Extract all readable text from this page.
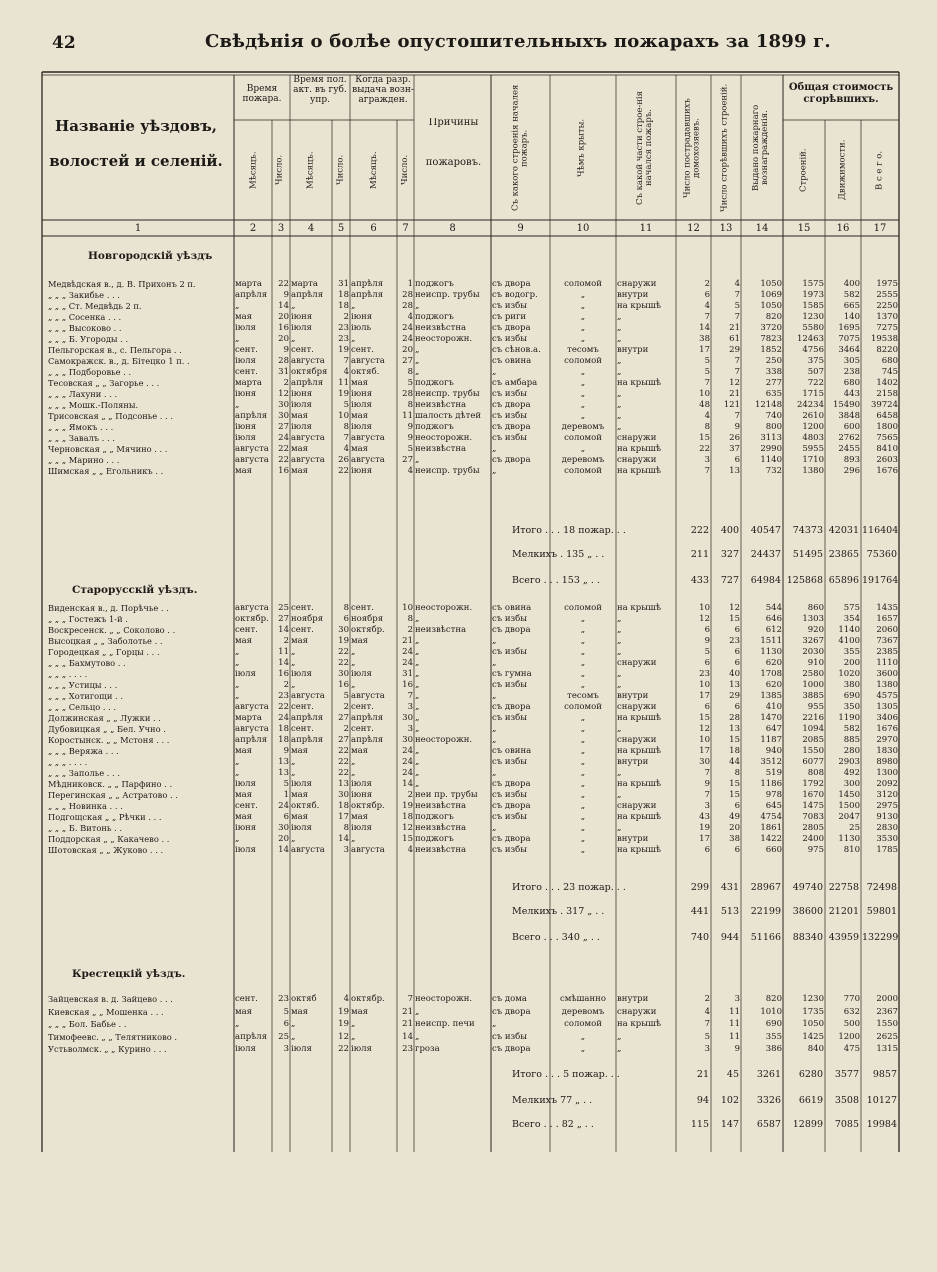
42	Свѣдѣнія о болѣе опустошительныхъ пожарахъ за 1899 г.
Названіе уѣздовъ,
волостей и селеній.
Время пожара.
Мѣсяцъ.	Число.
Время пол. акт. въ губ. упр.
Мѣсяцъ.	Число.
Когда разр. выдача возн-агражден.
Мѣсяцъ.	Число.
Причины
пожаровъ.	Съ какого строенія началея пожаръ.	Чѣмъ крыты.	Съ какой части строе-нія начался пожаръ.	Число пострадавшихъ домохозяевъ.	Число сгорѣвшихъ строеній.	Выдано пожарнаго вознагражденія.
Общая стоимость сгорѣвшихъ.
Строеній.	Движимости.	В с е г о.
1	2	3	4	5	6	7	8	9	10	11	12	13	14	15	16	17
Новгородскій уѣздъ
Медвѣдская в., д. В. Прихонъ 2 п.	марта	22 марта	31 апрѣля	1 поджогъ	съ двора	соломой	снаружи	2	4	1050	1575	400	1975
„ „ „ Закибье . . .	апрѣля	9 апрѣля	18 апрѣля	28 неиспр. трубы	съ водогр.	„	внутри	6	7	1069	1973	582	2555
„ „ „ Ст. Медвѣдь 2 п.	„	14 „	18 „	28 „	съ избы	„	на крышѣ	4	5	1050	1585	665	2250
„ „ „ Сосенка . . .	мая	20 іюня	2 іюня	4 поджогъ	съ риги	„	„	7	7	820	1230	140	1370
„ „ „ Высоково . .	іюля	16 іюля	23 іюль	24 неизвѣстна	съ двора	„	„	14	21	3720	5580	1695	7275
„ „ „ Б. Угороды . .	„	20 „	23 „	24 неосторожн.	съ избы	„	„	38	61	7823	12463	7075	19538
Пельгорская в., с. Пельгора . .	сент.	9 сент.	19 сент.	20 „	съ сѣнов.а.	тесомъ	внутри	17	29	1852	4756	3464	8220
Самокражск. в., д. Бітецко 1 п. .	іюля	28 августа	7 августа	27 „	съ овина	соломой	„	5	7	250	375	305	680
„ „ „ Подборовье . .	сент.	31 октября	4 октяб.	8 „	„	„	„	5	7	338	507	238	745
Тесовская „ „ Загорье . . .	марта	2 апрѣля	11 мая	5 поджогъ	съ амбара	„	на крышѣ	7	12	277	722	680	1402
„ „ „ Лахуни . . .	іюня	12 іюня	19 іюня	28 неиспр. трубы	съ избы	„	„	10	21	635	1715	443	2158
„ „ „ Мошк.-Поляны.	„	30 іюля	5 іюля	8 неизвѣстна	съ двора	„	„	48	121	12148	24234	15490	39724
Трисовская „ „ Подсонье . . .	апрѣля	30 мая	10 мая	11 шалость дѣтей	съ избы	„	„	4	7	740	2610	3848	6458
„ „ „ Ямокъ . . .	іюня	27 іюля	8 іюля	9 поджогъ	съ двора	деревомъ	„	8	9	800	1200	600	1800
„ „ „ Завалъ . . .	іюля	24 августа	7 августа	9 неосторожн.	съ избы	соломой	снаружи	15	26	3113	4803	2762	7565
Черновская „ „ Мячино . . .	августа	22 мая	4 мая	5 неизвѣстна	„	„	на крышѣ	22	37	2990	5955	2455	8410
„ „ „ Марино . . .	августа	22 августа	26 августа	27 „	съ двора	деревомъ	снаружи	3	6	1140	1710	893	2603
Шимская „ „ Егольникъ . .	мая	16 мая	22 іюня	4 неиспр. трубы	„	соломой	на крышѣ	7	13	732	1380	296	1676
Итого . . . 18 пожар. . .	222	400	40547	74373 42031 116404
Мелкихъ . 135 „ . .	211	327	24437	51495 23865 75360
Всего . . . 153 „ . .	433	727	64984 125868 65896 191764
Старорусскій уѣздъ.
Виденская в., д. Порѣчье . .	августа	25 сент.	8 сент.	10 неосторожн.	съ овина	соломой	на крышѣ	10	12	544	860	575	1435
„ „ „ Гостежъ 1-й .	октябр.	27 ноября	6 ноября	8 „	съ избы	„	„	12	15	646	1303	354	1657
Воскресенск. „ „ Соколово . .	сент.	14 сент.	30 октябр.	2 неизвѣстна	съ двора	„	„	6	6	612	920	1140	2060
Высоцкая „ „ Заболотье . .	мая	2 мая	19 мая	21 „	„	„	„	9	23	1511	3267	4100	7367
Городецкая „ „ Горцы . . .	„	11 „	22 „	24 „	съ избы	„	„	5	6	1130	2030	355	2385
„ „ „ Бахмутово . .	„	14 „	22 „	24 „	„	„	снаружи	6	6	620	910	200	1110
„ „ „ . . . .	іюля	16 іюля	30 іюля	31 „	съ гумна	„	„	23	40	1708	2580	1020	3600
„ „ „ Устицы . . .	„	2 „	16 „	16 „	съ избы	„	„	10	13	620	1000	380	1380
„ „ „ Хотигощи . .	„	23 августа	5 августа	7 „	„	тесомъ	внутри	17	29	1385	3885	690	4575
„ „ „ Сельцо . . .	августа	22 сент.	2 сент.	3 „	съ двора	соломой	снаружи	6	6	410	955	350	1305
Должинская „ „ Лужки . .	марта	24 апрѣля	27 апрѣля	30 „	съ избы	„	на крышѣ	15	28	1470	2216	1190	3406
Дубовицкая „ „ Бел. Учно .	августа	18 сент.	2 сент.	3 „	„	„	„	12	13	647	1094	582	1676
Коростынск. „ „ Мстоня . . .	апрѣля	18 апрѣля	27 апрѣля	30 неосторожн.	„	„	снаружи	10	15	1187	2085	885	2970
„ „ „ Веряжа . . .	мая	9 мая	22 мая	24 „	съ овина	„	на крышѣ	17	18	940	1550	280	1830
„ „ „ . . . .	„	13 „	22 „	24 „	съ избы	„	внутри	30	44	3512	6077	2903	8980
„ „ „ Заполье . . .	„	13 „	22 „	24 „	„	„	„	7	8	519	808	492	1300
Мѣдниковск. „ „ Парфино . .	іюля	5 іюля	13 іюля	14 „	съ двора	„	на крышѣ	9	15	1186	1792	300	2092
Перегинская „ „ Астратово . .	мая	1 мая	30 іюня	2 неи пр. трубы	съ избы	„	„	7	15	978	1670	1450	3120
„ „ „ Новинка . . .	сент.	24 октяб.	18 октябр.	19 неизвѣстна	съ двора	„	снаружи	3	6	645	1475	1500	2975
Подгощская „ „ Рѣчки . . .	мая	6 мая	17 мая	18 поджогъ	съ избы	„	на крышѣ	43	49	4754	7083	2047	9130
„ „ „ Б. Витонь . .	іюня	30 іюля	8 іюля	12 неизвѣстна	„	„	„	19	20	1861	2805	25	2830
Поддорская „ „ Какачево . .	„	20 „	14 „	15 поджогъ	съ двора	„	внутри	17	38	1422	2400	1130	3530
Шотовская „ „ Жуково . . .	іюля	14 августа	3 августа	4 неизвѣстна	съ избы	„	на крышѣ	6	6	660	975	810	1785
Итого . . . 23 пожар. . .	299	431	28967	49740 22758 72498
Мелкихъ . 317 „ . .	441	513	22199	38600 21201 59801
Всего . . . 340 „ . .	740	944	51166	88340 43959 132299
Крестецкій уѣздъ.
Зайцевская в. д. Зайцево . . .	сент.	23 октяб	4 октябр.	7 неосторожн.	съ дома	смѣшанно	внутри	2	3	820	1230	770	2000
Киевская „ „ Мошенка . . .	мая	5 мая	19 мая	21 „	съ двора	деревомъ	снаружи	4	11	1010	1735	632	2367
„ „ „ Бол. Бабье . .	„	6 „	19 „	21 неиспр. печи	„	соломой	на крышѣ	7	11	690	1050	500	1550
Тимофеевс. „ „ Телятниково .	апрѣля	25 „	12 „	14 „	съ избы	„	„	5	11	355	1425	1200	2625
Устьволмск. „ „ Курино . . .	іюля	3 іюля	22 іюля	23 гроза	съ двора	„	„	3	9	386	840	475	1315
Итого . . . 5 пожар. . .	21	45	3261	6280	3577	9857
Мелкихъ 77 „ . .	94	102	3326	6619	3508 10127
Всего . . . 82 „ . .	115	147	6587	12899	7085 19984
